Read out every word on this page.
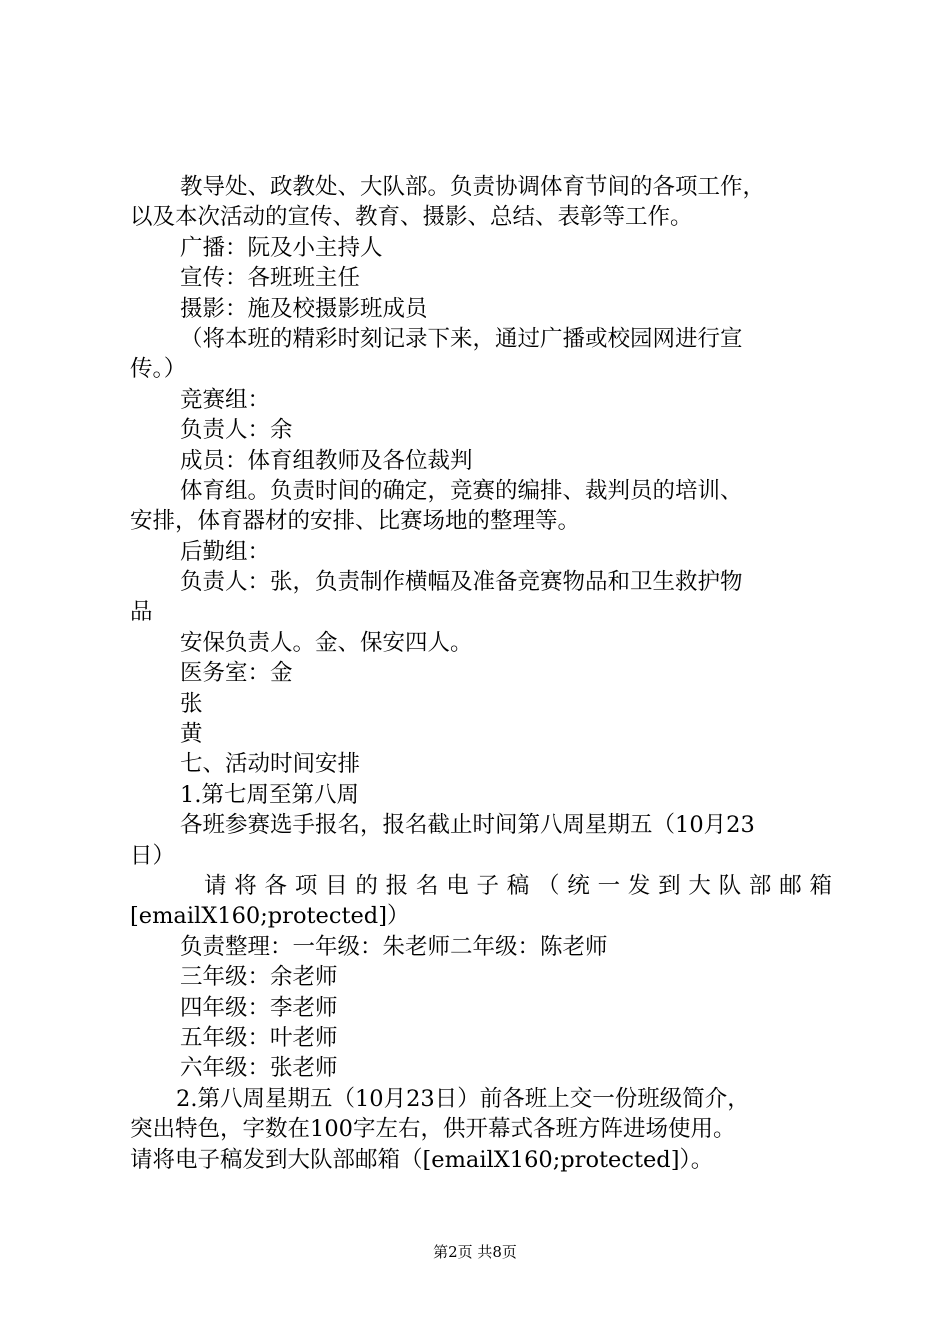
教导处、政教处、大队部。负责协调体育节间的各项工作，
以及本次活动的宣传、教育、摄影、总结、表彰等工作。
广播：阮及小主持人
宣传：各班班主任
摄影：施及校摄影班成员
（将本班的精彩时刻记录下来，通过广播或校园网进行宣
传。）
竞赛组：
负责人：余
成员：体育组教师及各位裁判
体育组。负责时间的确定，竞赛的编排、裁判员的培训、
安排，体育器材的安排、比赛场地的整理等。
后勤组：
负责人：张，负责制作横幅及准备竞赛物品和卫生救护物
品
安保负责人。金、保安四人。
医务室：金
张
黄
七、活动时间安排
1.第七周至第八周
各班参赛选手报名，报名截止时间第八周星期五（10月23
日）
请将各项目的报名电子稿（统一发到大队部邮箱
[emailX160;protected]）
负责整理：一年级：朱老师二年级：陈老师
三年级：余老师
四年级：李老师
五年级：叶老师
六年级：张老师
2.第八周星期五（10月23日）前各班上交一份班级简介，
突出特色，字数在100字左右，供开幕式各班方阵进场使用。
请将电子稿发到大队部邮箱（[emailX160;protected]）。
第2页 共8页
